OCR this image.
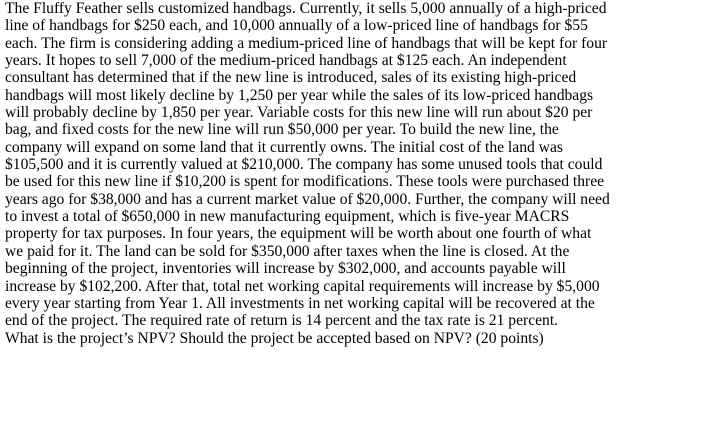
The Fluffy Feather sells customized handbags. Currently, it sells 5,000 annually of a high-priced
line of handbags for $250 each, and 10,000 annually of a low-priced line of handbags for $55
each. The firm is considering adding a medium-priced line of handbags that will be kept for four
years. It hopes to sell 7,000 of the medium-priced handbags at $125 each. An independent
consultant has determined that if the new line is introduced, sales of its existing high-priced
handbags will most likely decline by 1,250 per year while the sales of its low-priced handbags
will probably decline by 1,850 per year. Variable costs for this new line will run about $20 per
bag, and fixed costs for the new line will run $50,000 per year. To build the new line, the
company will expand on some land that it currently owns. The initial cost of the land was
$105,500 and it is currently valued at $210,000. The company has some unused tools that could
be used for this new line if $10,200 is spent for modifications. These tools were purchased three
years ago for $38,000 and has a current market value of $20,000. Further, the company will need
to invest a total of $650,000 in new manufacturing equipment, which is five-year MACRS
property for tax purposes. In four years, the equipment will be worth about one fourth of what
we paid for it. The land can be sold for $350,000 after taxes when the line is closed. At the
beginning of the project, inventories will increase by $302,000, and accounts payable will
increase by $102,200. After that, total net working capital requirements will increase by $5,000
every year starting from Year 1. All investments in net working capital will be recovered at the
end of the project. The required rate of return is 14 percent and the tax rate is 21 percent.
What is the project’s NPV? Should the project be accepted based on NPV? (20 points)
